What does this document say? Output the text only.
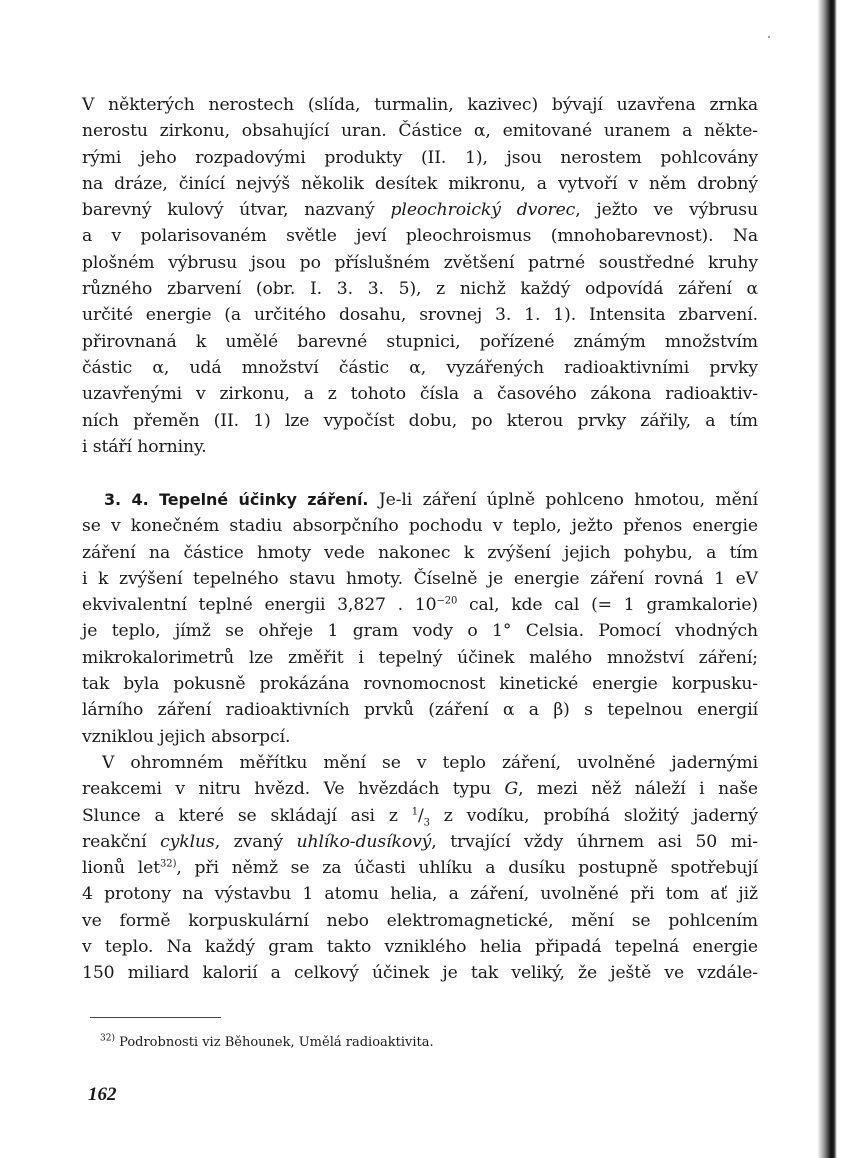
V některých nerostech (slída, turmalin, kazivec) bývají uzavřena zrnka
nerostu zirkonu, obsahující uran. Částice α, emitované uranem a někte-
rými jeho rozpadovými produkty (II. 1), jsou nerostem pohlcovány
na dráze, činící nejvýš několik desítek mikronu, a vytvoří v něm drobný
barevný kulový útvar, nazvaný pleochroický dvorec, ježto ve výbrusu
a v polarisovaném světle jeví pleochroismus (mnohobarevnost). Na
plošném výbrusu jsou po příslušném zvětšení patrné soustředné kruhy
různého zbarvení (obr. I. 3. 3. 5), z nichž každý odpovídá záření α
určité energie (a určitého dosahu, srovnej 3. 1. 1). Intensita zbarvení.
přirovnaná k umělé barevné stupnici, pořízené známým množstvím
částic α, udá množství částic α, vyzářených radioaktivními prvky
uzavřenými v zirkonu, a z tohoto čísla a časového zákona radioaktiv-
ních přeměn (II. 1) lze vypočíst dobu, po kterou prvky zářily, a tím
i stáří horniny.
3. 4. Tepelné účinky záření. Je-li záření úplně pohlceno hmotou, mění
se v konečném stadiu absorpčního pochodu v teplo, ježto přenos energie
záření na částice hmoty vede nakonec k zvýšení jejich pohybu, a tím
i k zvýšení tepelného stavu hmoty. Číselně je energie záření rovná 1 eV
ekvivalentní teplné energii 3,827 . $10^{-20}$ cal, kde cal (= 1 gramkalorie)
je teplo, jímž se ohřeje 1 gram vody o 1° Celsia. Pomocí vhodných
mikrokalorimetrů lze změřit i tepelný účinek malého množství záření;
tak byla pokusně prokázána rovnomocnost kinetické energie korpusku-
lárního záření radioaktivních prvků (záření α a β) s tepelnou energií
vzniklou jejich absorpcí.
V ohromném měřítku mění se v teplo záření, uvolněné jadernými
reakcemi v nitru hvězd. Ve hvězdách typu G, mezi něž náleží i naše
Slunce a které se skládají asi z $^1/_3$ z vodíku, probíhá složitý jaderný
reakční cyklus, zvaný uhlíko-dusíkový, trvající vždy úhrnem asi 50 mi-
lionů let$^{32)}$, při němž se za účasti uhlíku a dusíku postupně spotřebují
4 protony na výstavbu 1 atomu helia, a záření, uvolněné při tom ať již
ve formě korpuskulární nebo elektromagnetické, mění se pohlcením
v teplo. Na každý gram takto vzniklého helia připadá tepelná energie
150 miliard kalorií a celkový účinek je tak veliký, že ještě ve vzdále-
$^{32)}$ Podrobnosti viz Běhounek, Umělá radioaktivita.
162
